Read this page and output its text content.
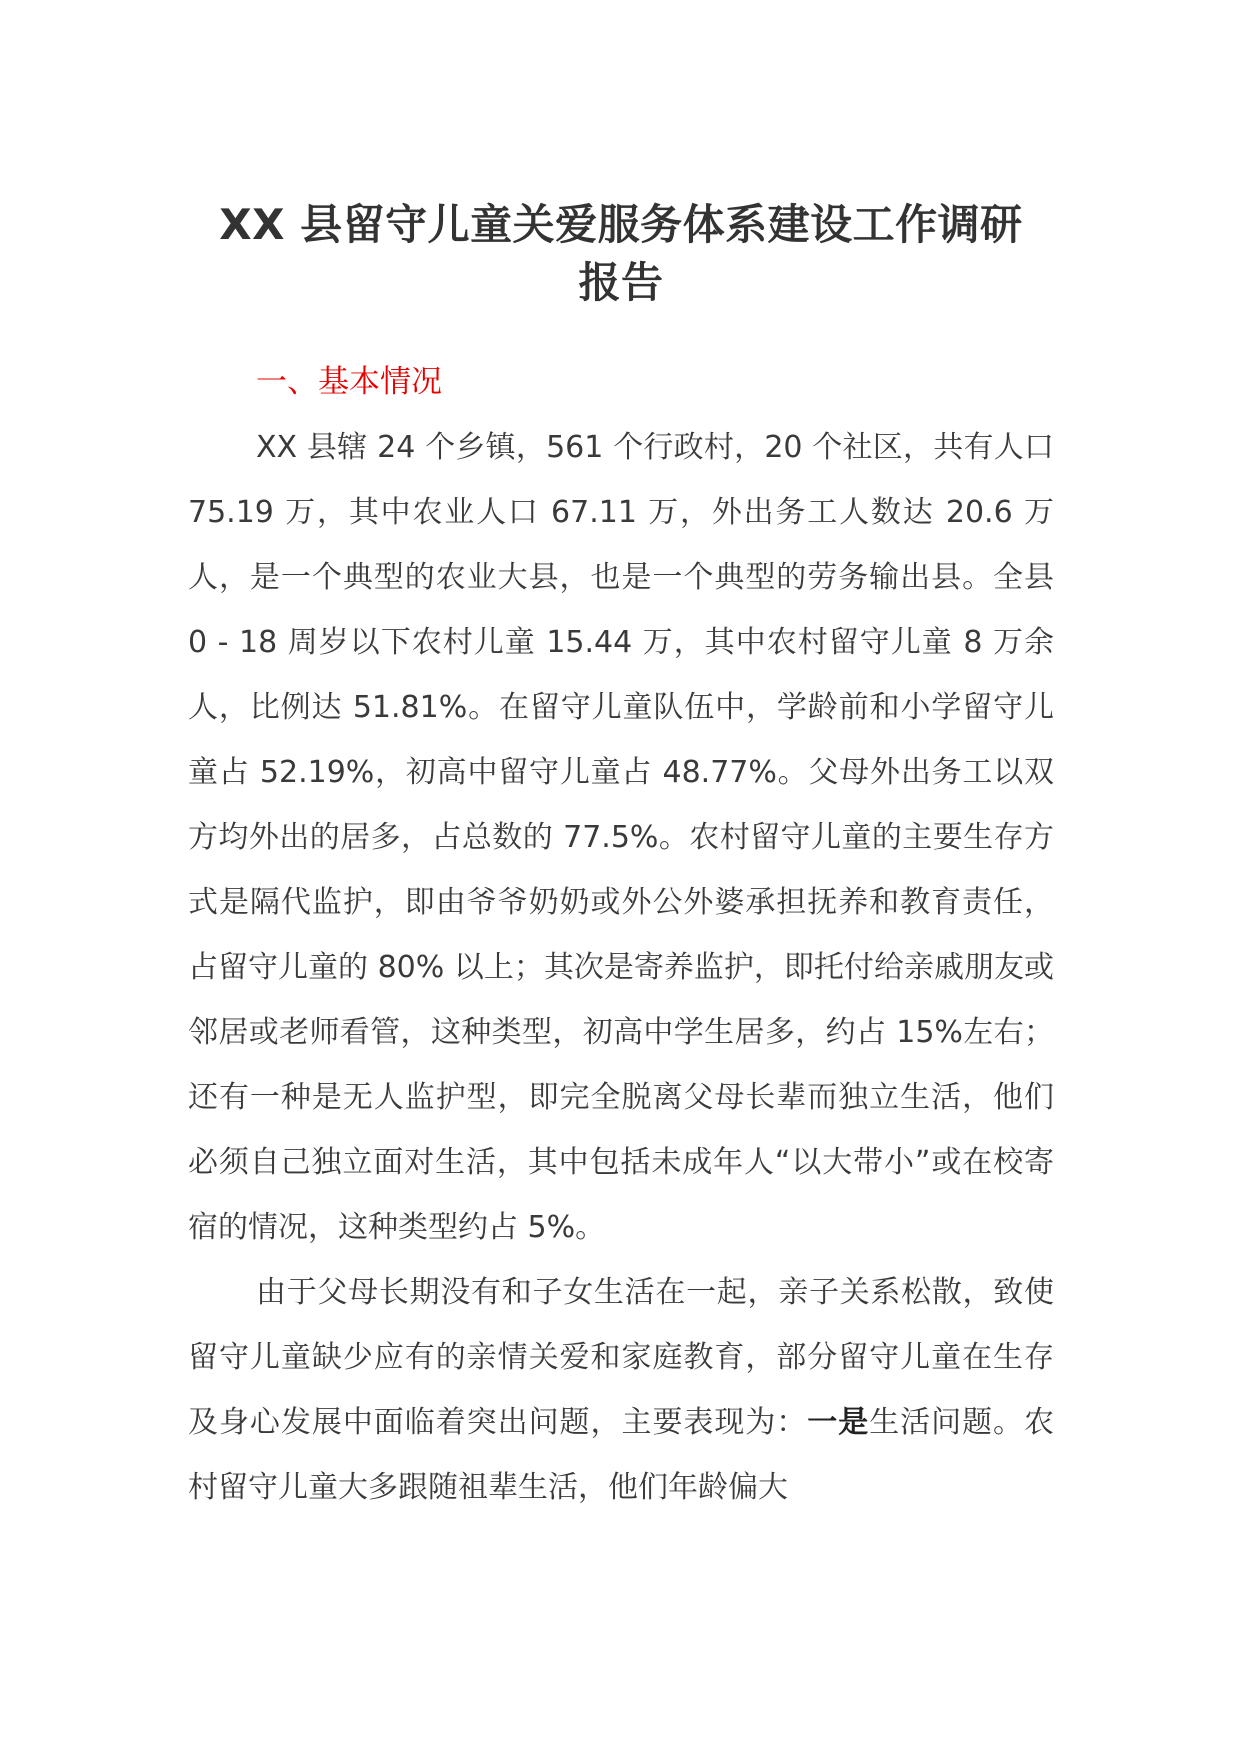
XX 县留守儿童关爱服务体系建设工作调研
报告

一、基本情况

XX 县辖 24 个乡镇，561 个行政村，20 个社区，共有人口 75.19 万，其中农业人口 67.11 万，外出务工人数达 20.6 万人，是一个典型的农业大县，也是一个典型的劳务输出县。全县 0 - 18 周岁以下农村儿童 15.44 万，其中农村留守儿童 8 万余人，比例达 51.81%。在留守儿童队伍中，学龄前和小学留守儿童占 52.19%，初高中留守儿童占 48.77%。父母外出务工以双方均外出的居多，占总数的 77.5%。农村留守儿童的主要生存方式是隔代监护，即由爷爷奶奶或外公外婆承担抚养和教育责任，占留守儿童的 80% 以上；其次是寄养监护，即托付给亲戚朋友或邻居或老师看管，这种类型，初高中学生居多，约占 15%左右；还有一种是无人监护型，即完全脱离父母长辈而独立生活，他们必须自己独立面对生活，其中包括未成年人“以大带小”或在校寄宿的情况，这种类型约占 5%。

由于父母长期没有和子女生活在一起，亲子关系松散，致使留守儿童缺少应有的亲情关爱和家庭教育，部分留守儿童在生存及身心发展中面临着突出问题，主要表现为：一是生活问题。农村留守儿童大多跟随祖辈生活，他们年龄偏大
